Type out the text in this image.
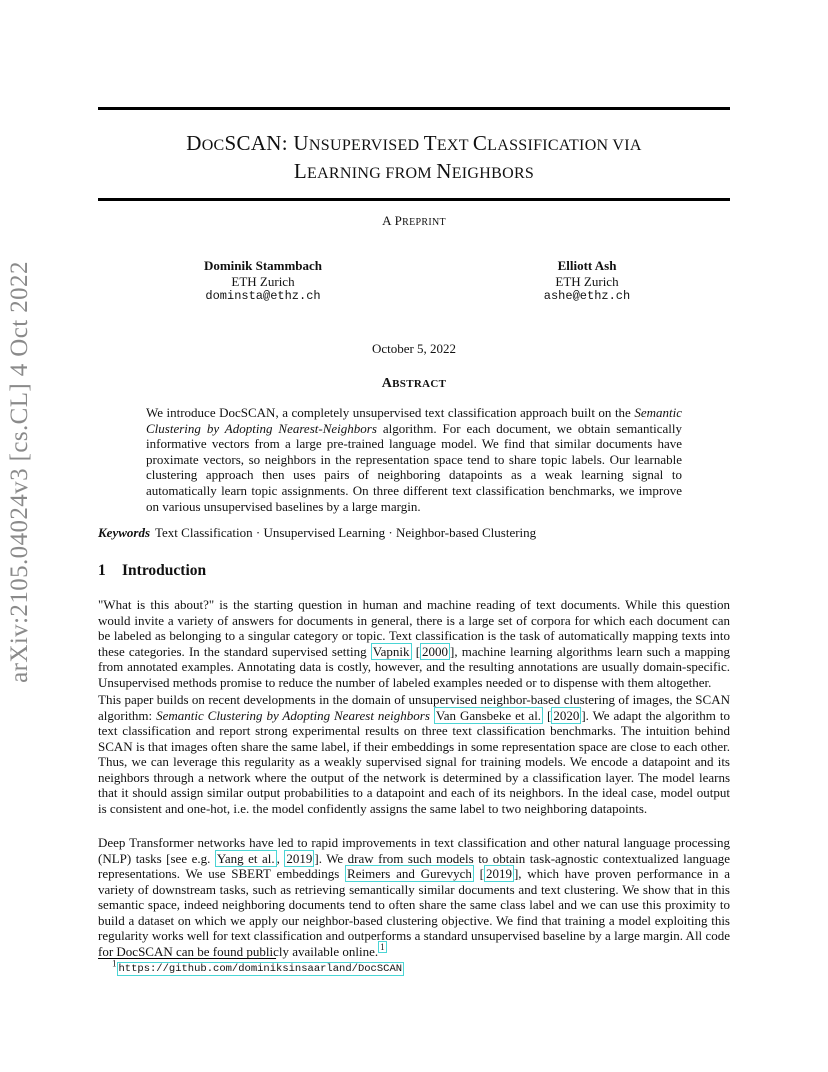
arXiv:2105.04024v3 [cs.CL] 4 Oct 2022
DOCSCAN: UNSUPERVISED TEXT CLASSIFICATION VIA
LEARNING FROM NEIGHBORS
A PREPRINT
Dominik Stammbach
ETH Zurich
dominsta@ethz.ch
Elliott Ash
ETH Zurich
ashe@ethz.ch
October 5, 2022
ABSTRACT
We introduce DocSCAN, a completely unsupervised text classification approach built on the Semantic Clustering by Adopting Nearest-Neighbors algorithm. For each document, we obtain semantically informative vectors from a large pre-trained language model. We find that similar documents have proximate vectors, so neighbors in the representation space tend to share topic labels. Our learnable clustering approach then uses pairs of neighboring datapoints as a weak learning signal to automatically learn topic assignments. On three different text classification benchmarks, we improve on various unsupervised baselines by a large margin.
Keywords Text Classification · Unsupervised Learning · Neighbor-based Clustering
1 Introduction
"What is this about?" is the starting question in human and machine reading of text documents. While this question would invite a variety of answers for documents in general, there is a large set of corpora for which each document can be labeled as belonging to a singular category or topic. Text classification is the task of automatically mapping texts into these categories. In the standard supervised setting Vapnik [ 2000 ], machine learning algorithms learn such a mapping from annotated examples. Annotating data is costly, however, and the resulting annotations are usually domain-specific. Unsupervised methods promise to reduce the number of labeled examples needed or to dispense with them altogether.
This paper builds on recent developments in the domain of unsupervised neighbor-based clustering of images, the SCAN algorithm: Semantic Clustering by Adopting Nearest neighbors Van Gansbeke et al. [ 2020 ]. We adapt the algorithm to text classification and report strong experimental results on three text classification benchmarks. The intuition behind SCAN is that images often share the same label, if their embeddings in some representation space are close to each other. Thus, we can leverage this regularity as a weakly supervised signal for training models. We encode a datapoint and its neighbors through a network where the output of the network is determined by a classification layer. The model learns that it should assign similar output probabilities to a datapoint and each of its neighbors. In the ideal case, model output is consistent and one-hot, i.e. the model confidently assigns the same label to two neighboring datapoints.
Deep Transformer networks have led to rapid improvements in text classification and other natural language processing (NLP) tasks [see e.g. Yang et al. , 2019 ]. We draw from such models to obtain task-agnostic contextualized language representations. We use SBERT embeddings Reimers and Gurevych [ 2019 ], which have proven performance in a variety of downstream tasks, such as retrieving semantically similar documents and text clustering. We show that in this semantic space, indeed neighboring documents tend to often share the same class label and we can use this proximity to build a dataset on which we apply our neighbor-based clustering objective. We find that training a model exploiting this regularity works well for text classification and outperforms a standard unsupervised baseline by a large margin. All code for DocSCAN can be found publicly available online. $^1$
$^1$ https://github.com/dominiksinsaarland/DocSCAN
